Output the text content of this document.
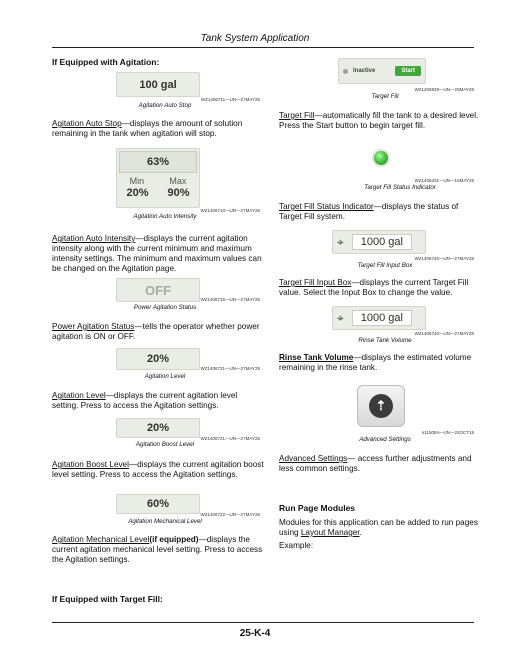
Tank System Application
If Equipped with Agitation:
100 gal
WZ1406711—UN—27MAY25
Agitation Auto Stop
Agitation Auto Stop—displays the amount of solution remaining in the tank when agitation will stop.
63%
Min	Max
20% 90%
WZ1406710—UN—27MAY25
Agitation Auto Intensity
Agitation Auto Intensity—displays the current agitation intensity along with the current minimum and maximum intensity settings. The minimum and maximum values can be changed on the Agitation page.
OFF
WZ1406715—UN—27MAY25
Power Agitation Status
Power Agitation Status—tells the operator whether power agitation is ON or OFF.
20%
WZ1406721—UN—27MAY25
Agitation Level
Agitation Level—displays the current agitation level setting. Press to access the Agitation settings.
20%
WZ1406721—UN—27MAY25
Agitation Boost Level
Agitation Boost Level—displays the current agitation boost level setting. Press to access the Agitation settings.
60%
WZ1406722—UN—27MAY25
Agitation Mechanical Level
Agitation Mechanical Level(if equipped)—displays the current agitation mechanical level setting. Press to access the Agitation settings.
If Equipped with Target Fill:
Inactive	Start
WZ1406929—UN—29MAY25
Target Fill
Target Fill—automatically fill the tank to a desired level. Press the Start button to begin target fill.
WZ1406331—UN—16MAY25
Target Fill Status Indicator
Target Fill Status Indicator—displays the status of Target Fill system.
⌖	1000 gal
WZ1406740—UN—27MAY25
Target Fill Input Box
Target Fill Input Box—displays the current Target Fill value. Select the Input Box to change the value.
⌖	1000 gal
WZ1406740—UN—27MAY25
Rinse Tank Volume
Rinse Tank Volume—displays the estimated volume remaining in the rinse tank.
⇡
n115094—UN—22OCT15
Advanced Settings
Advanced Settings— access further adjustments and less common settings.
Run Page Modules
Modules for this application can be added to run pages using Layout Manager.
Example:
25-K-4
